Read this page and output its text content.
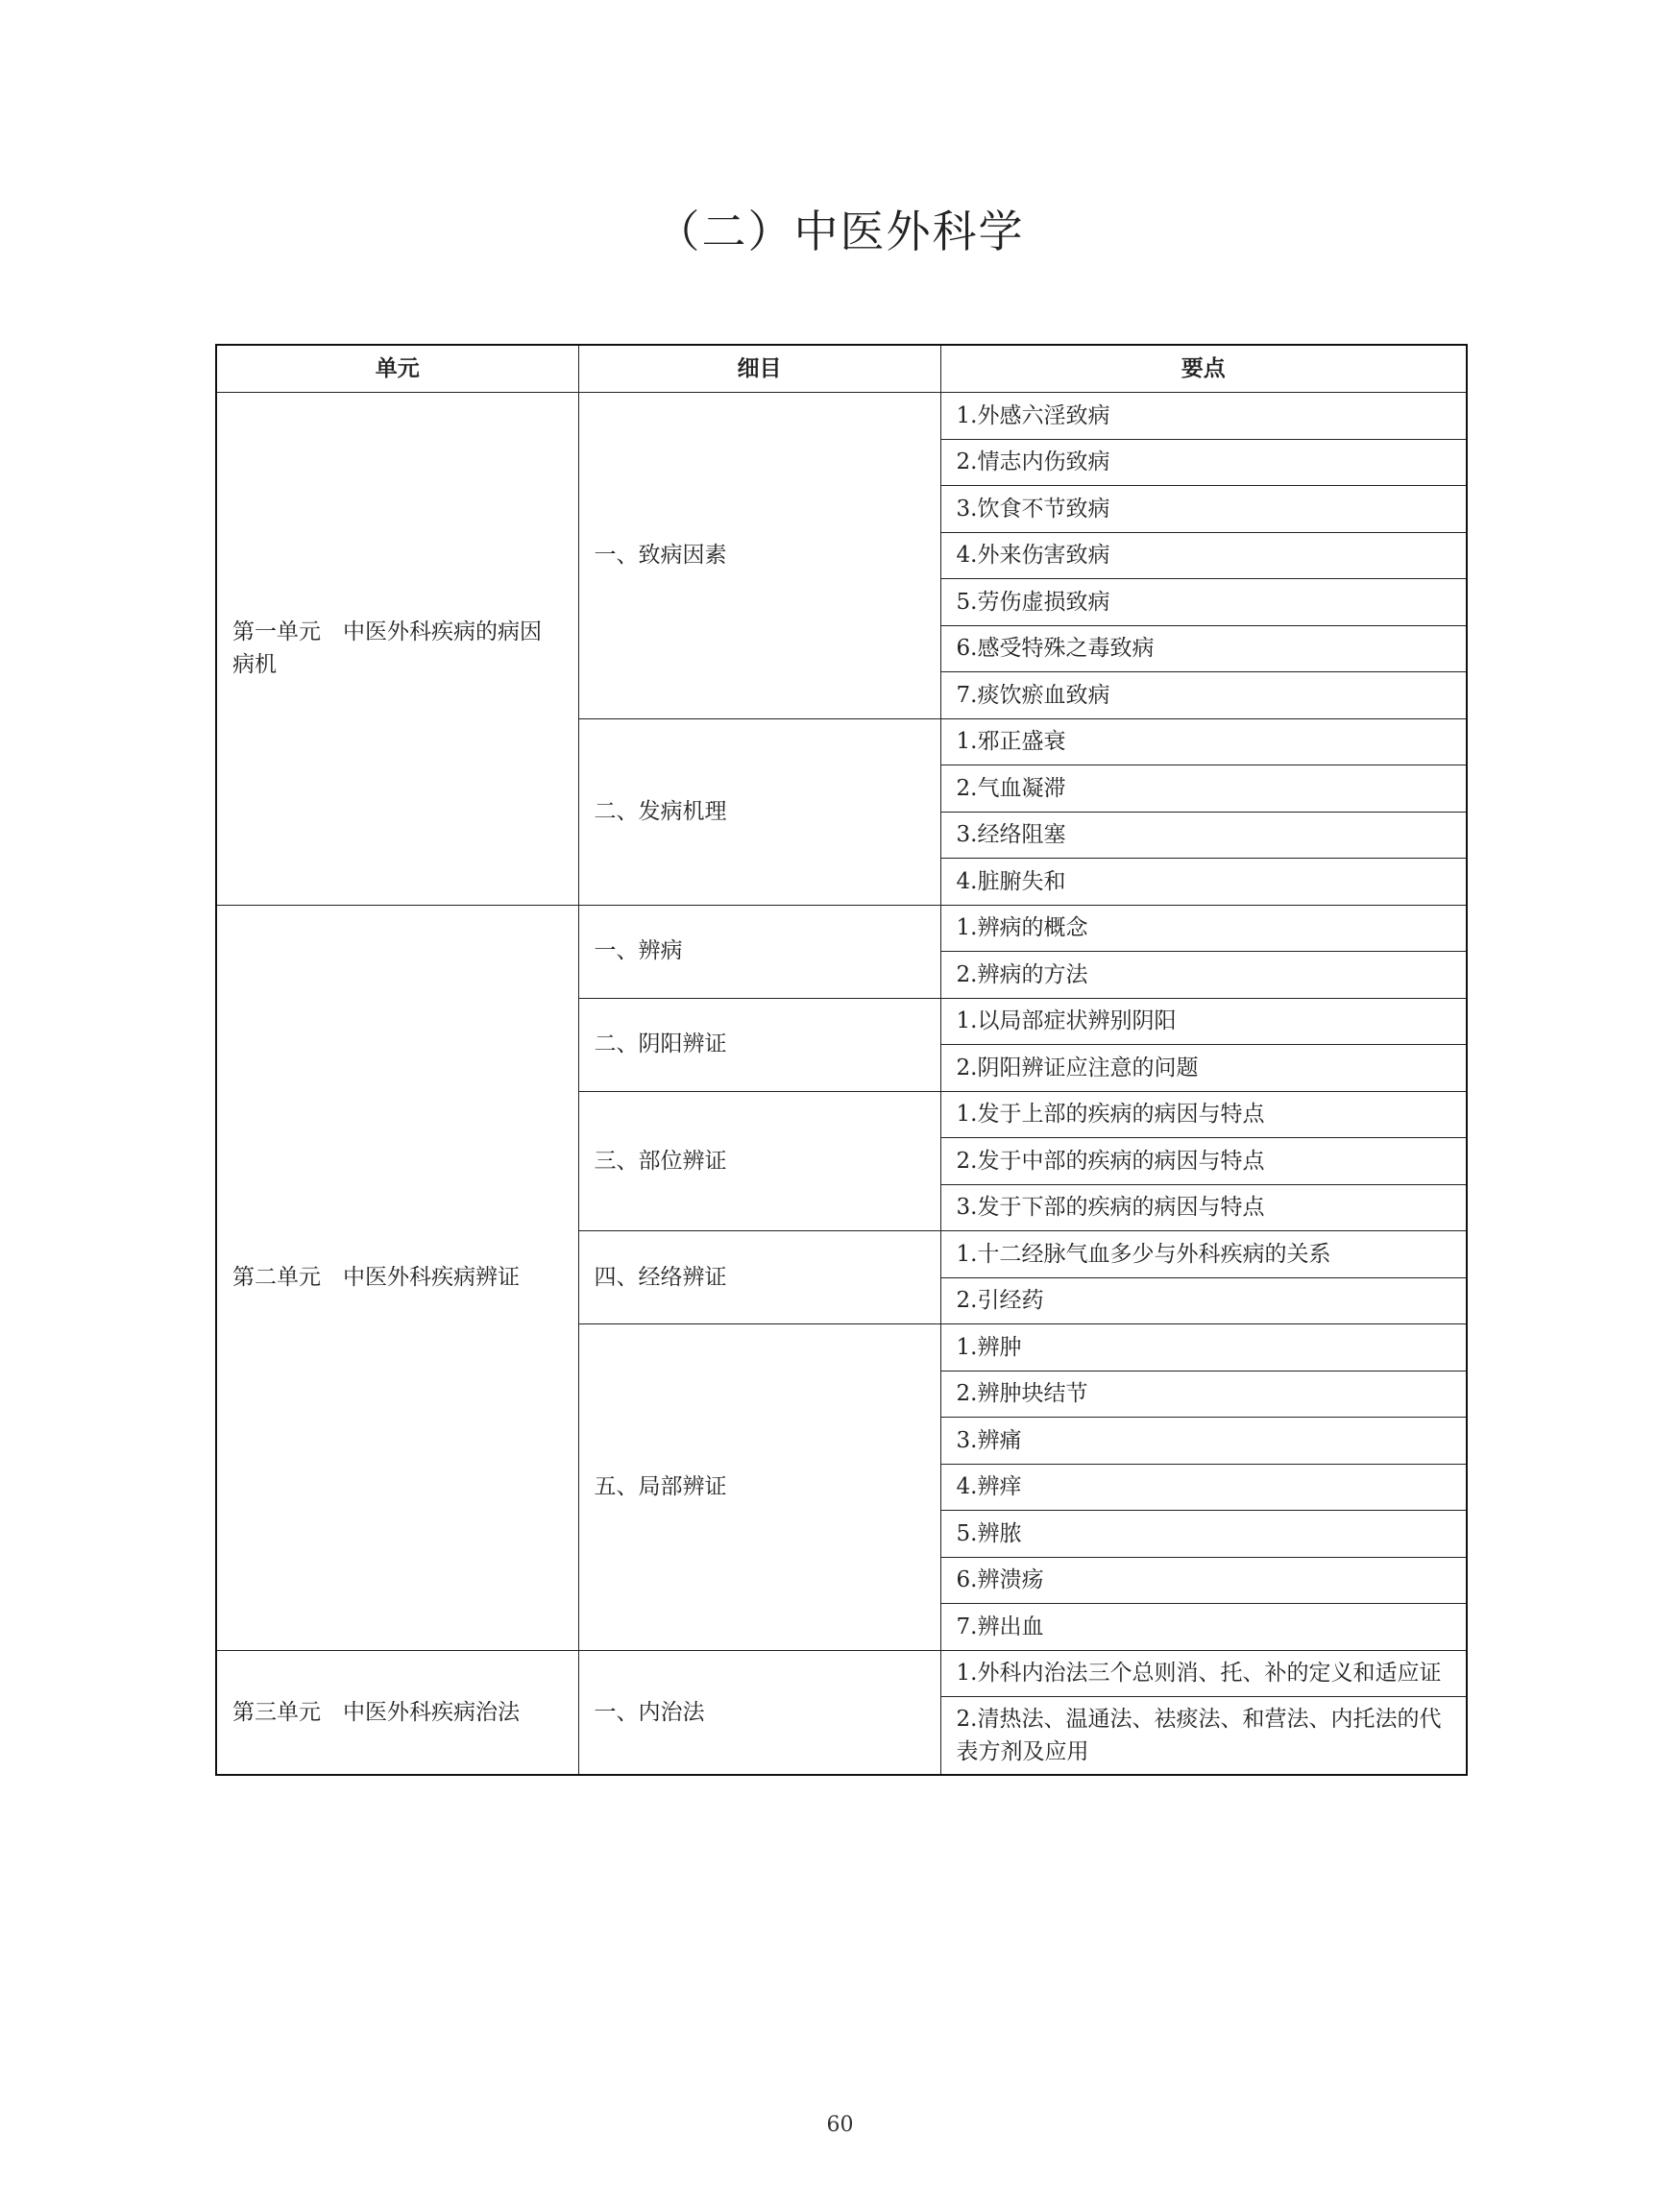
（二）中医外科学
单元	细目	要点
第一单元　中医外科疾病的病因病机	一、致病因素	1.外感六淫致病
		2.情志内伤致病
		3.饮食不节致病
		4.外来伤害致病
		5.劳伤虚损致病
		6.感受特殊之毒致病
		7.痰饮瘀血致病
	二、发病机理	1.邪正盛衰
		2.气血凝滞
		3.经络阻塞
		4.脏腑失和
第二单元　中医外科疾病辨证	一、辨病	1.辨病的概念
		2.辨病的方法
	二、阴阳辨证	1.以局部症状辨别阴阳
		2.阴阳辨证应注意的问题
	三、部位辨证	1.发于上部的疾病的病因与特点
		2.发于中部的疾病的病因与特点
		3.发于下部的疾病的病因与特点
	四、经络辨证	1.十二经脉气血多少与外科疾病的关系
		2.引经药
	五、局部辨证	1.辨肿
		2.辨肿块结节
		3.辨痛
		4.辨痒
		5.辨脓
		6.辨溃疡
		7.辨出血
第三单元　中医外科疾病治法	一、内治法	1.外科内治法三个总则消、托、补的定义和适应证
		2.清热法、温通法、祛痰法、和营法、内托法的代表方剂及应用
60
